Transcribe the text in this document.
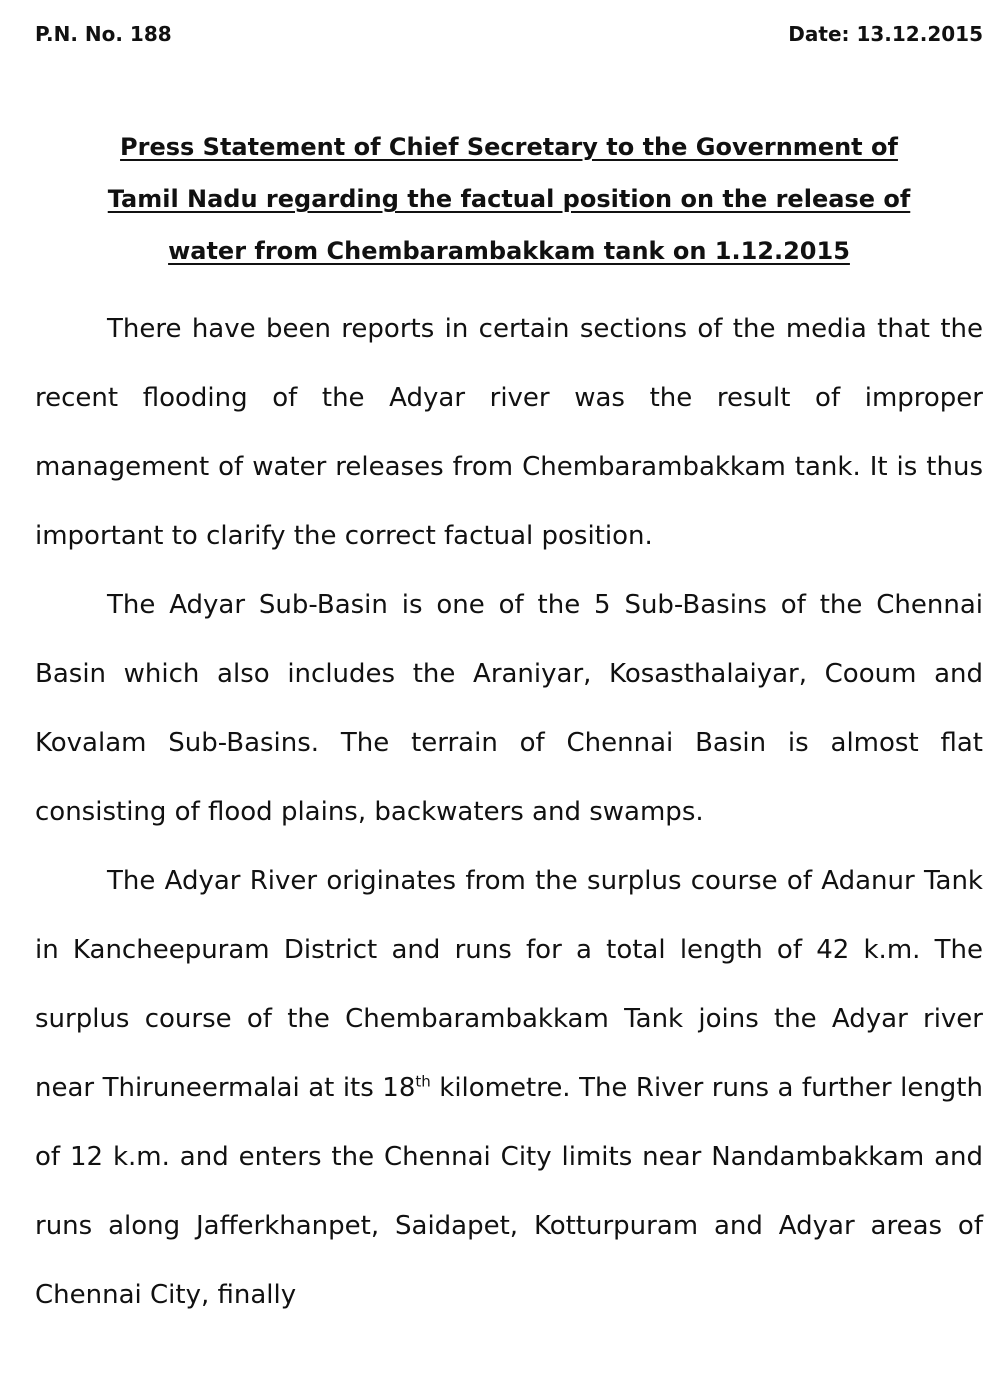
P.N. No. 188	Date: 13.12.2015
Press Statement of Chief Secretary to the Government of
Tamil Nadu regarding the factual position on the release of
water from Chembarambakkam tank on 1.12.2015

There have been reports in certain sections of the media that the recent flooding of the Adyar river was the result of improper management of water releases from Chembarambakkam tank. It is thus important to clarify the correct factual position.

The Adyar Sub-Basin is one of the 5 Sub-Basins of the Chennai Basin which also includes the Araniyar, Kosasthalaiyar, Cooum and Kovalam Sub-Basins. The terrain of Chennai Basin is almost flat consisting of flood plains, backwaters and swamps.

The Adyar River originates from the surplus course of Adanur Tank in Kancheepuram District and runs for a total length of 42 k.m. The surplus course of the Chembarambakkam Tank joins the Adyar river near Thiruneermalai at its 18th kilometre. The River runs a further length of 12 k.m. and enters the Chennai City limits near Nandambakkam and runs along Jafferkhanpet, Saidapet, Kotturpuram and Adyar areas of Chennai City, finally
